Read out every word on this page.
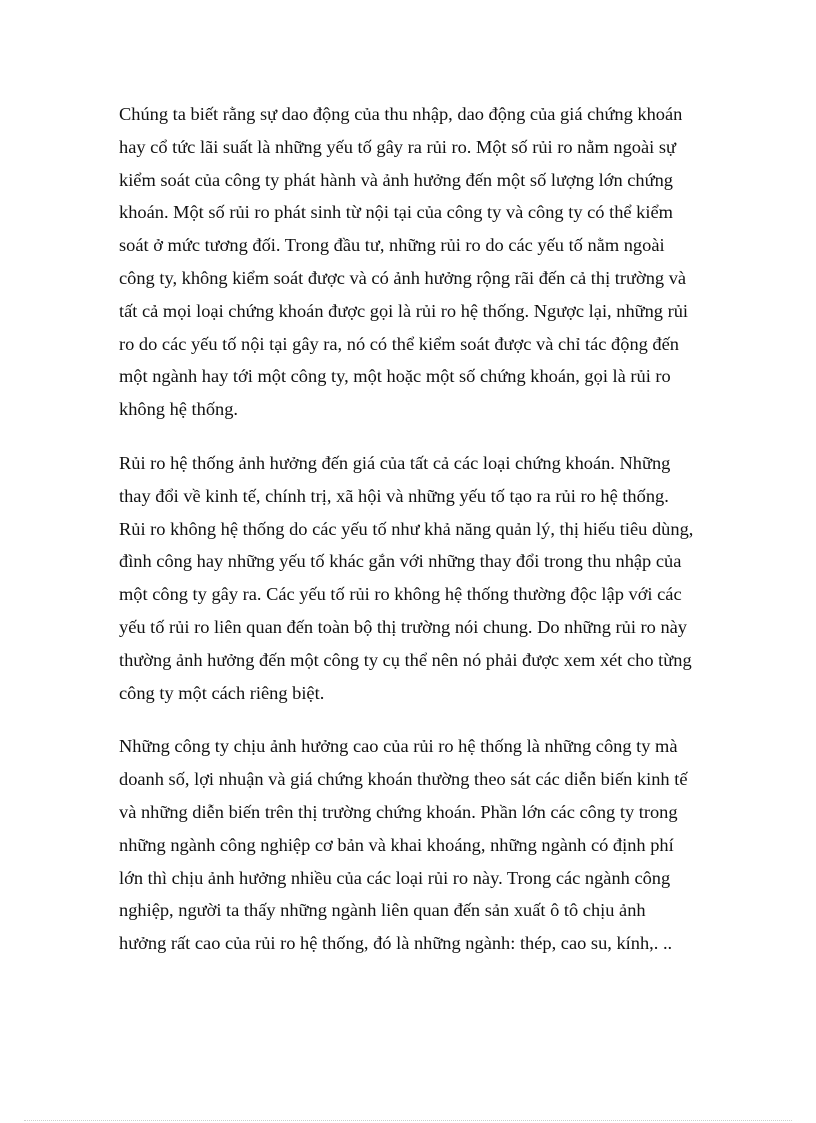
Chúng ta biết rằng sự dao động của thu nhập, dao động của giá chứng khoán hay cổ tức lãi suất là những yếu tố gây ra rủi ro. Một số rủi ro nằm ngoài sự kiểm soát của công ty phát hành và ảnh hưởng đến một số lượng lớn chứng khoán. Một số rủi ro phát sinh từ nội tại của công ty và công ty có thể kiểm soát ở mức tương đối. Trong đầu tư, những rủi ro do các yếu tố nằm ngoài công ty, không kiểm soát được và có ảnh hưởng rộng rãi đến cả thị trường và tất cả mọi loại chứng khoán được gọi là rủi ro hệ thống. Ngược lại, những rủi ro do các yếu tố nội tại gây ra, nó có thể kiểm soát được và chỉ tác động đến một ngành hay tới một công ty, một hoặc một số chứng khoán, gọi là rủi ro không hệ thống.

Rủi ro hệ thống ảnh hưởng đến giá của tất cả các loại chứng khoán. Những thay đổi về kinh tế, chính trị, xã hội và những yếu tố tạo ra rủi ro hệ thống. Rủi ro không hệ thống do các yếu tố như khả năng quản lý, thị hiếu tiêu dùng, đình công hay những yếu tố khác gắn với những thay đổi trong thu nhập của một công ty gây ra. Các yếu tố rủi ro không hệ thống thường độc lập với các yếu tố rủi ro liên quan đến toàn bộ thị trường nói chung. Do những rủi ro này thường ảnh hưởng đến một công ty cụ thể nên nó phải được xem xét cho từng công ty một cách riêng biệt.

Những công ty chịu ảnh hưởng cao của rủi ro hệ thống là những công ty mà doanh số, lợi nhuận và giá chứng khoán thường theo sát các diễn biến kinh tế và những diễn biến trên thị trường chứng khoán. Phần lớn các công ty trong những ngành công nghiệp cơ bản và khai khoáng, những ngành có định phí lớn thì chịu ảnh hưởng nhiều của các loại rủi ro này. Trong các ngành công nghiệp, người ta thấy những ngành liên quan đến sản xuất ô tô chịu ảnh hưởng rất cao của rủi ro hệ thống, đó là những ngành: thép, cao su, kính,. ..
